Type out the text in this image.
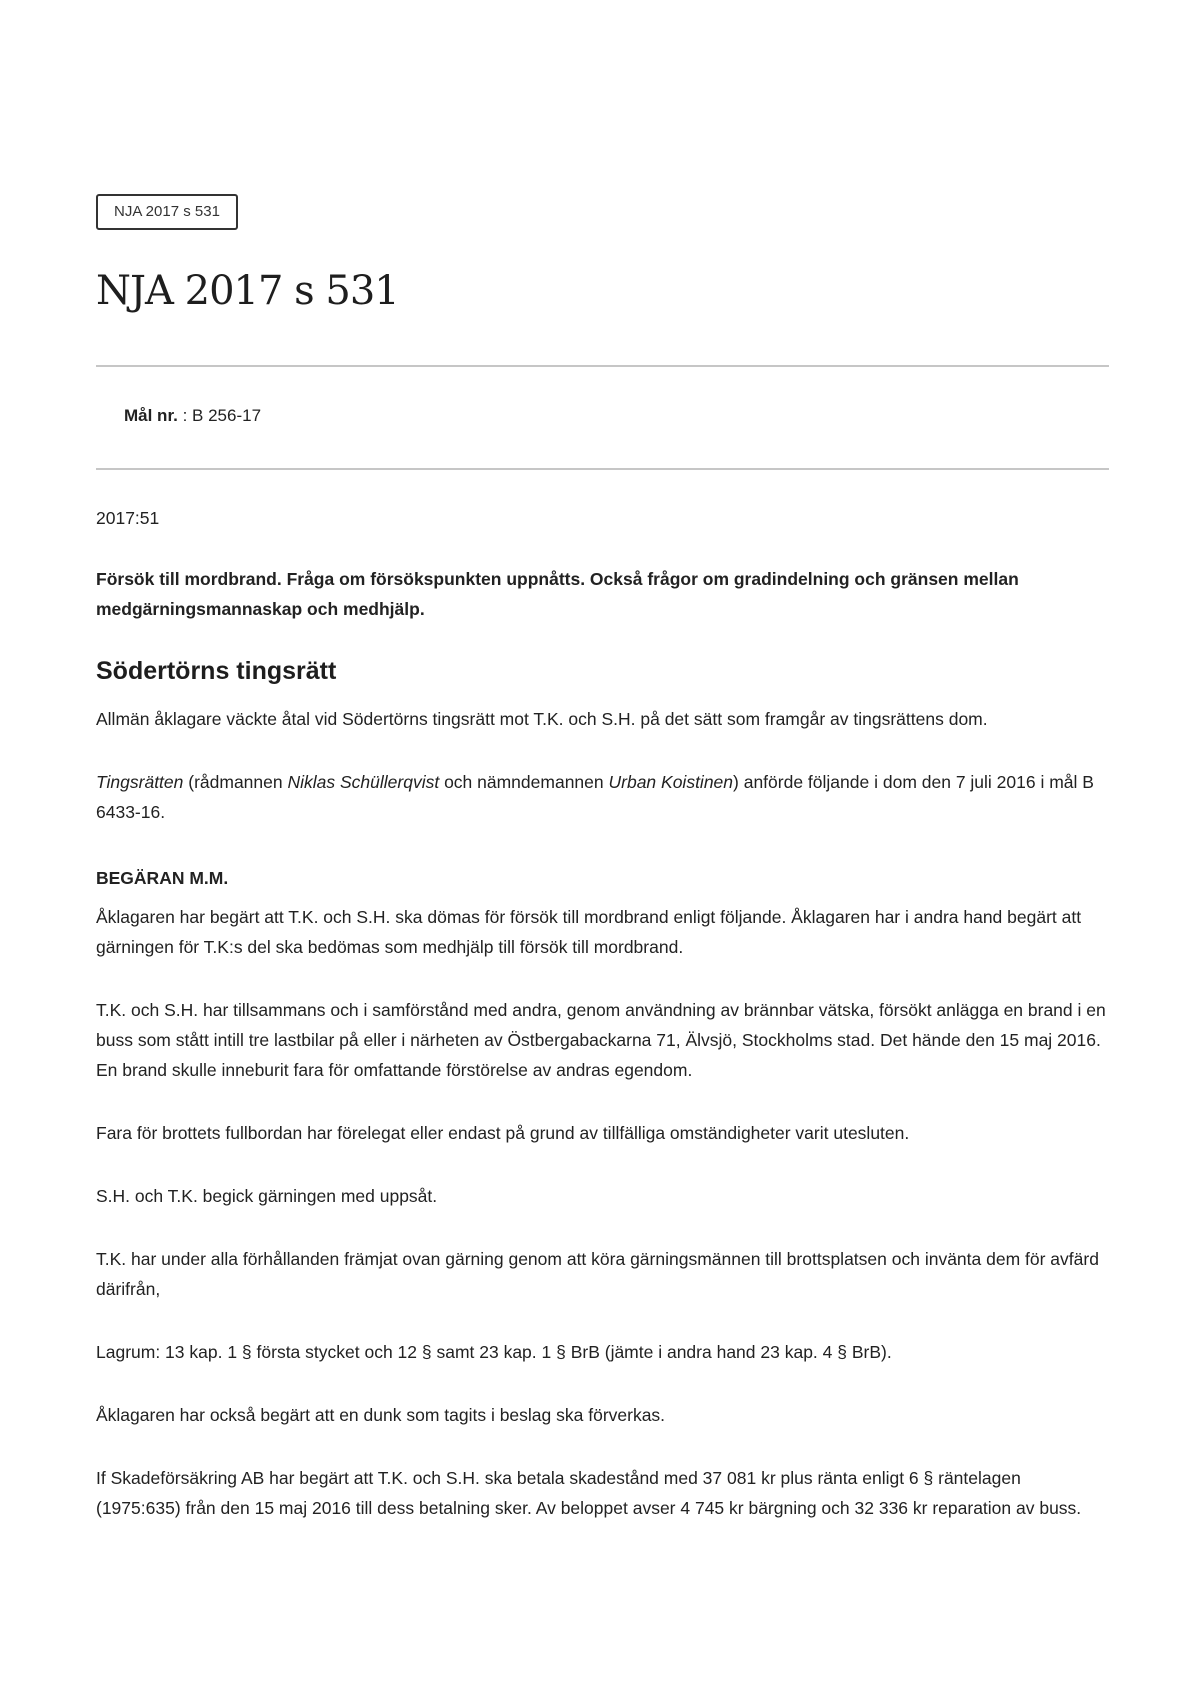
NJA 2017 s 531
NJA 2017 s 531
Mål nr. : B 256-17

2017:51

Försök till mordbrand. Fråga om försökspunkten uppnåtts. Också frågor om gradindelning och gränsen mellan medgärningsmannaskap och medhjälp.

Södertörns tingsrätt

Allmän åklagare väckte åtal vid Södertörns tingsrätt mot T.K. och S.H. på det sätt som framgår av tingsrättens dom.

Tingsrätten (rådmannen Niklas Schüllerqvist och nämndemannen Urban Koistinen) anförde följande i dom den 7 juli 2016 i mål B 6433-16.

BEGÄRAN M.M.

Åklagaren har begärt att T.K. och S.H. ska dömas för försök till mordbrand enligt följande. Åklagaren har i andra hand begärt att gärningen för T.K:s del ska bedömas som medhjälp till försök till mordbrand.

T.K. och S.H. har tillsammans och i samförstånd med andra, genom användning av brännbar vätska, försökt anlägga en brand i en buss som stått intill tre lastbilar på eller i närheten av Östbergabackarna 71, Älvsjö, Stockholms stad. Det hände den 15 maj 2016. En brand skulle inneburit fara för omfattande förstörelse av andras egendom.

Fara för brottets fullbordan har förelegat eller endast på grund av tillfälliga omständigheter varit utesluten.

S.H. och T.K. begick gärningen med uppsåt.

T.K. har under alla förhållanden främjat ovan gärning genom att köra gärningsmännen till brottsplatsen och invänta dem för avfärd därifrån,

Lagrum: 13 kap. 1 § första stycket och 12 § samt 23 kap. 1 § BrB (jämte i andra hand 23 kap. 4 § BrB).

Åklagaren har också begärt att en dunk som tagits i beslag ska förverkas.

If Skadeförsäkring AB har begärt att T.K. och S.H. ska betala skadestånd med 37 081 kr plus ränta enligt 6 § räntelagen (1975:635) från den 15 maj 2016 till dess betalning sker. Av beloppet avser 4 745 kr bärgning och 32 336 kr reparation av buss.
